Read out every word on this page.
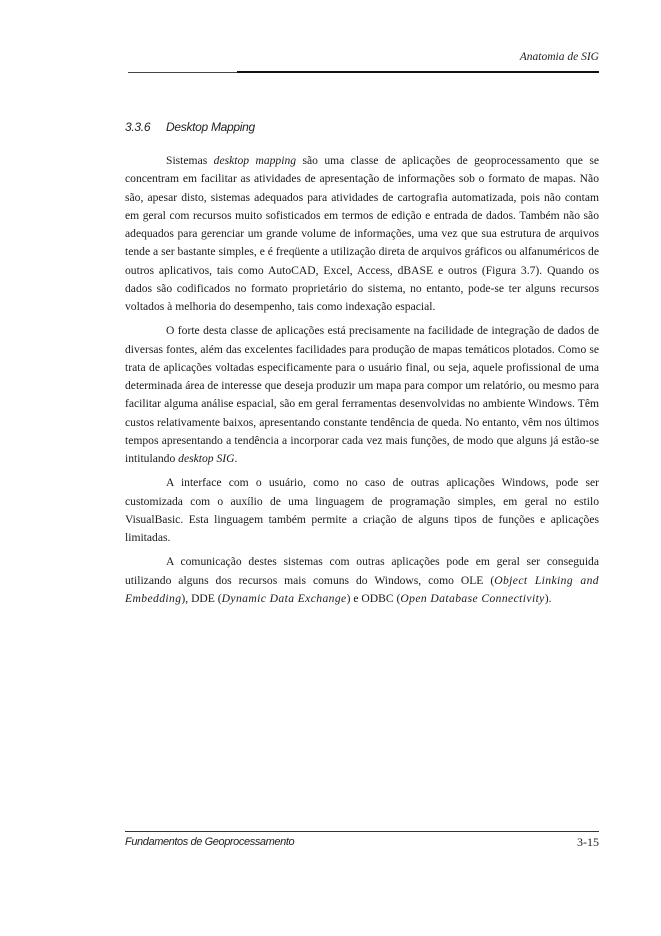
Anatomia de SIG
3.3.6 Desktop Mapping

Sistemas desktop mapping são uma classe de aplicações de geoprocessamento que se concentram em facilitar as atividades de apresentação de informações sob o formato de mapas. Não são, apesar disto, sistemas adequados para atividades de cartografia automatizada, pois não contam em geral com recursos muito sofisticados em termos de edição e entrada de dados. Também não são adequados para gerenciar um grande volume de informações, uma vez que sua estrutura de arquivos tende a ser bastante simples, e é freqüente a utilização direta de arquivos gráficos ou alfanuméricos de outros aplicativos, tais como AutoCAD, Excel, Access, dBASE e outros (Figura 3.7). Quando os dados são codificados no formato proprietário do sistema, no entanto, pode-se ter alguns recursos voltados à melhoria do desempenho, tais como indexação espacial.

O forte desta classe de aplicações está precisamente na facilidade de integração de dados de diversas fontes, além das excelentes facilidades para produção de mapas temáticos plotados. Como se trata de aplicações voltadas especificamente para o usuário final, ou seja, aquele profissional de uma determinada área de interesse que deseja produzir um mapa para compor um relatório, ou mesmo para facilitar alguma análise espacial, são em geral ferramentas desenvolvidas no ambiente Windows. Têm custos relativamente baixos, apresentando constante tendência de queda. No entanto, vêm nos últimos tempos apresentando a tendência a incorporar cada vez mais funções, de modo que alguns já estão-se intitulando desktop SIG.

A interface com o usuário, como no caso de outras aplicações Windows, pode ser customizada com o auxílio de uma linguagem de programação simples, em geral no estilo VisualBasic. Esta linguagem também permite a criação de alguns tipos de funções e aplicações limitadas.

A comunicação destes sistemas com outras aplicações pode em geral ser conseguida utilizando alguns dos recursos mais comuns do Windows, como OLE (Object Linking and Embedding), DDE (Dynamic Data Exchange) e ODBC (Open Database Connectivity).

Fundamentos de Geoprocessamento	3-15
